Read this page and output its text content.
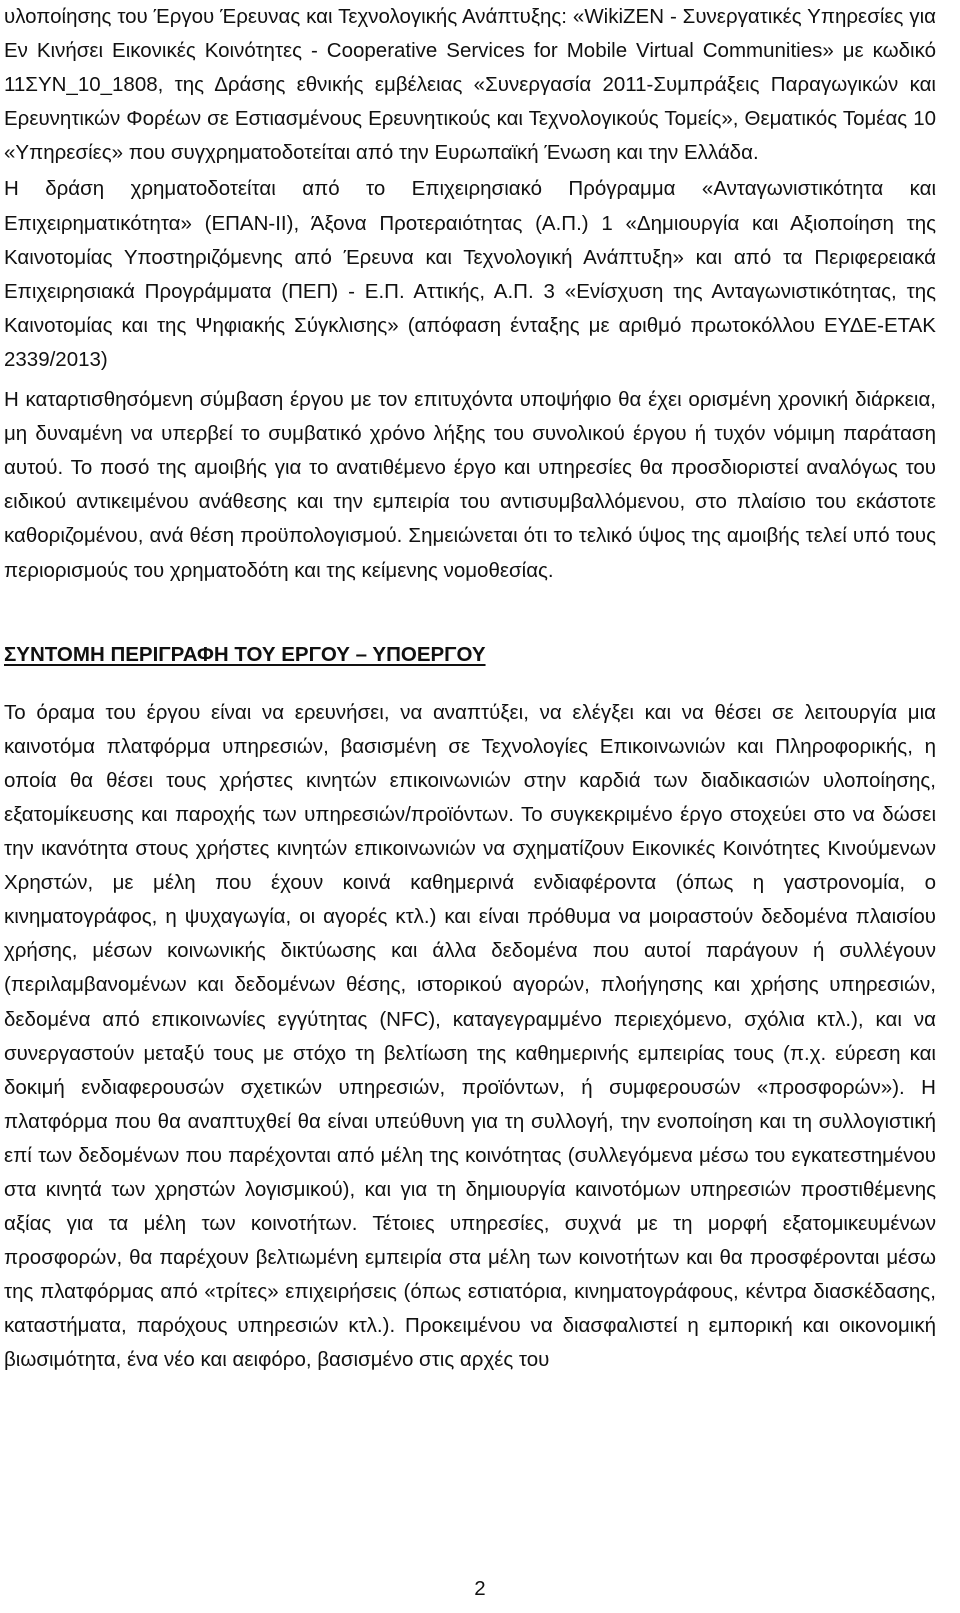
υλοποίησης του Έργου Έρευνας και Τεχνολογικής Ανάπτυξης: «WikiZEN - Συνεργατικές Υπηρεσίες για Εν Κινήσει Εικονικές Κοινότητες - Cooperative Services for Mobile Virtual Communities» με κωδικό 11ΣΥΝ_10_1808, της Δράσης εθνικής εμβέλειας «Συνεργασία 2011-Συμπράξεις Παραγωγικών και Ερευνητικών Φορέων σε Εστιασμένους Ερευνητικούς και Τεχνολογικούς Τομείς», Θεματικός Τομέας 10 «Υπηρεσίες» που συγχρηματοδοτείται από την Ευρωπαϊκή Ένωση και την Ελλάδα.

Η δράση χρηματοδοτείται από το Επιχειρησιακό Πρόγραμμα «Ανταγωνιστικότητα και Επιχειρηματικότητα» (ΕΠΑΝ-ΙΙ), Άξονα Προτεραιότητας (Α.Π.) 1 «Δημιουργία και Αξιοποίηση της Καινοτομίας Υποστηριζόμενης από Έρευνα και Τεχνολογική Ανάπτυξη» και από τα Περιφερειακά Επιχειρησιακά Προγράμματα (ΠΕΠ) - Ε.Π. Αττικής, Α.Π. 3 «Ενίσχυση της Ανταγωνιστικότητας, της Καινοτομίας και της Ψηφιακής Σύγκλισης» (απόφαση ένταξης με αριθμό πρωτοκόλλου ΕΥΔΕ-ΕΤΑΚ 2339/2013)

Η καταρτισθησόμενη σύμβαση έργου με τον επιτυχόντα υποψήφιο θα έχει ορισμένη χρονική διάρκεια, μη δυναμένη να υπερβεί το συμβατικό χρόνο λήξης του συνολικού έργου ή τυχόν νόμιμη παράταση αυτού. Το ποσό της αμοιβής για το ανατιθέμενο έργο και υπηρεσίες θα προσδιοριστεί αναλόγως του ειδικού αντικειμένου ανάθεσης και την εμπειρία του αντισυμβαλλόμενου, στο πλαίσιο του εκάστοτε καθοριζομένου, ανά θέση προϋπολογισμού. Σημειώνεται ότι το τελικό ύψος της αμοιβής τελεί υπό τους περιορισμούς του χρηματοδότη και της κείμενης νομοθεσίας.

ΣΥΝΤΟΜΗ ΠΕΡΙΓΡΑΦΗ ΤΟΥ ΕΡΓΟΥ – ΥΠΟΕΡΓΟΥ

Το όραμα του έργου είναι να ερευνήσει, να αναπτύξει, να ελέγξει και να θέσει σε λειτουργία μια καινοτόμα πλατφόρμα υπηρεσιών, βασισμένη σε Τεχνολογίες Επικοινωνιών και Πληροφορικής, η οποία θα θέσει τους χρήστες κινητών επικοινωνιών στην καρδιά των διαδικασιών υλοποίησης, εξατομίκευσης και παροχής των υπηρεσιών/προϊόντων. Το συγκεκριμένο έργο στοχεύει στο να δώσει την ικανότητα στους χρήστες κινητών επικοινωνιών να σχηματίζουν Εικονικές Κοινότητες Κινούμενων Χρηστών, με μέλη που έχουν κοινά καθημερινά ενδιαφέροντα (όπως η γαστρονομία, ο κινηματογράφος, η ψυχαγωγία, οι αγορές κτλ.) και είναι πρόθυμα να μοιραστούν δεδομένα πλαισίου χρήσης, μέσων κοινωνικής δικτύωσης και άλλα δεδομένα που αυτοί παράγουν ή συλλέγουν (περιλαμβανομένων και δεδομένων θέσης, ιστορικού αγορών, πλοήγησης και χρήσης υπηρεσιών, δεδομένα από επικοινωνίες εγγύτητας (NFC), καταγεγραμμένο περιεχόμενο, σχόλια κτλ.), και να συνεργαστούν μεταξύ τους με στόχο τη βελτίωση της καθημερινής εμπειρίας τους (π.χ. εύρεση και δοκιμή ενδιαφερουσών σχετικών υπηρεσιών, προϊόντων, ή συμφερουσών «προσφορών»). Η πλατφόρμα που θα αναπτυχθεί θα είναι υπεύθυνη για τη συλλογή, την ενοποίηση και τη συλλογιστική επί των δεδομένων που παρέχονται από μέλη της κοινότητας (συλλεγόμενα μέσω του εγκατεστημένου στα κινητά των χρηστών λογισμικού), και για τη δημιουργία καινοτόμων υπηρεσιών προστιθέμενης αξίας για τα μέλη των κοινοτήτων. Τέτοιες υπηρεσίες, συχνά με τη μορφή εξατομικευμένων προσφορών, θα παρέχουν βελτιωμένη εμπειρία στα μέλη των κοινοτήτων και θα προσφέρονται μέσω της πλατφόρμας από «τρίτες» επιχειρήσεις (όπως εστιατόρια, κινηματογράφους, κέντρα διασκέδασης, καταστήματα, παρόχους υπηρεσιών κτλ.). Προκειμένου να διασφαλιστεί η εμπορική και οικονομική βιωσιμότητα, ένα νέο και αειφόρο, βασισμένο στις αρχές του

2
